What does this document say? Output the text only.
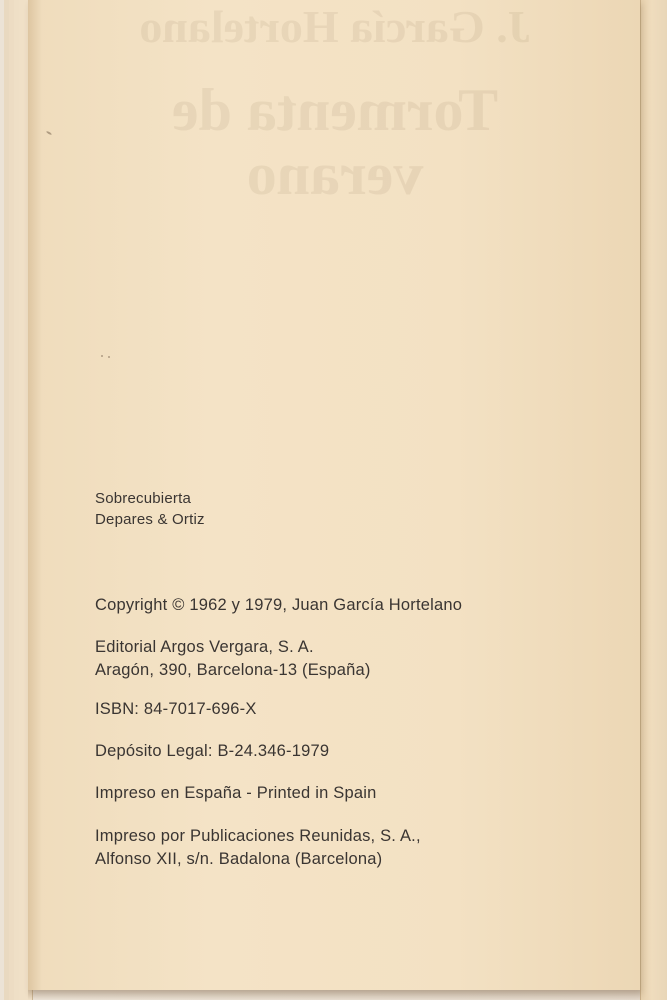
Sobrecubierta
Depares & Ortiz
Copyright © 1962 y 1979, Juan García Hortelano
Editorial Argos Vergara, S. A.
Aragón, 390, Barcelona-13 (España)
ISBN: 84-7017-696-X
Depósito Legal: B-24.346-1979
Impreso en España - Printed in Spain
Impreso por Publicaciones Reunidas, S. A.,
Alfonso XII, s/n. Badalona (Barcelona)
